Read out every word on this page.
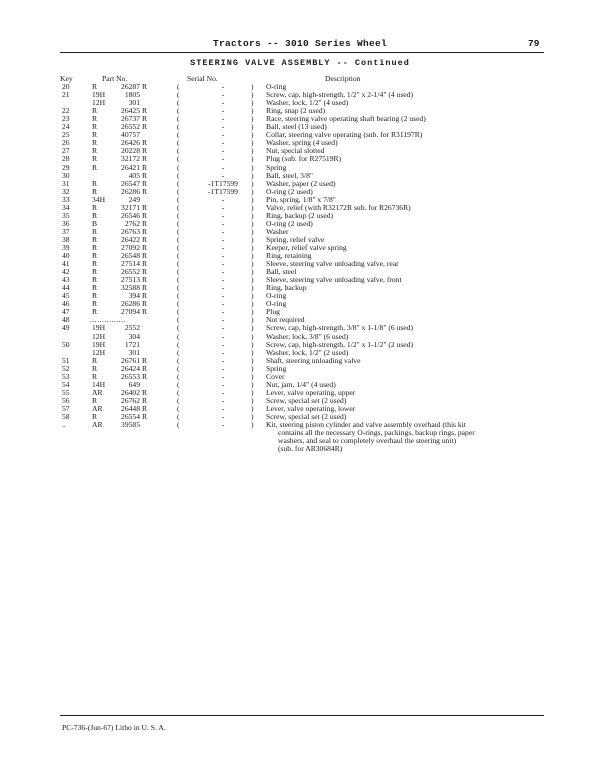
Tractors -- 3010 Series Wheel	79
STEERING VALVE ASSEMBLY -- Continued
Key	Part No.	Serial No.	Description
20	R	26287 R	(	-	) O-ring
21	19H	1805	(	-	) Screw, cap, high-strength, 1/2" x 2-1/4" (4 used)
12H	301	(	-	) Washer, lock, 1/2" (4 used)
22	R	26425 R	(	-	) Ring, snap (2 used)
23	R	26737 R	(	-	) Race, steering valve operating shaft bearing (2 used)
24	R	26552 R	(	-	) Ball, steel (13 used)
25	R	40757	(	-	) Collar, steering valve operating (sub. for R31197R)
26	R	26426 R	(	-	) Washer, spring (4 used)
27	R	20228 R	(	-	) Nut, special slotted
28	R	32172 R	(	-	) Plug (sub. for R27519R)
29	R	26421 R	(	-	) Spring
30	405 R	(	-	) Ball, steel, 3/8"
31	R	26547 R	(	-1T17599	) Washer, paper (2 used)
32	R	26286 R	(	-1T17599	) O-ring (2 used)
33	34H	249	(	-	) Pin, spring, 1/8" x 7/8"
34	R	32171 R	(	-	) Valve, relief (with R32172R sub. for R26736R)
35	R	26546 R	(	-	) Ring, backup (2 used)
36	B	2762 R	(	-	) O-ring (2 used)
37	R	26763 R	(	-	) Washer
38	R	26422 R	(	-	) Spring, relief valve
39	R	27092 R	(	-	) Keeper, relief valve spring
40	R	26548 R	(	-	) Ring, retaining
41	R	27514 R	(	-	) Sleeve, steering valve unloading valve, rear
42	R	26552 R	(	-	) Ball, steel
43	R	27513 R	(	-	) Sleeve, steering valve unloading valve, front
44	R	32588 R	(	-	) Ring, backup
45	R	394 R	(	-	) O-ring
46	R	26286 R	(	-	) O-ring
47	R	27094 R	(	-	) Plug
48	...............	(	-	) Not required
49	19H	2552	(	-	) Screw, cap, high-strength, 3/8" x 1-1/8" (6 used)
12H	304	(	-	) Washer, lock, 3/8" (6 used)
50	19H	1721	(	-	) Screw, cap, high-strength, 1/2" x 1-1/2" (2 used)
12H	301	(	-	) Washer, lock, 1/2" (2 used)
51	R	26761 R	(	-	) Shaft, steering unloading valve
52	R	26424 R	(	-	) Spring
53	R	26553 R	(	-	) Cover
54	14H	649	(	-	) Nut, jam, 1/4" (4 used)
55	AR	26402 R	(	-	) Lever, valve operating, upper
56	R	26762 R	(	-	) Screw, special set (2 used)
57	AR	26448 R	(	-	) Lever, valve operating, lower
58	R	26554 R	(	-	) Screw, special set (2 used)
..	AR	39585	(	-	) Kit, steering piston cylinder and valve assembly overhaul (this kit
contains all the necessary O-rings, packings, backup rings, paper
washers, and seal to completely overhaul the steering unit)
(sub. for AR30684R)
PC-736-(Jun-67) Litho in U. S. A.
